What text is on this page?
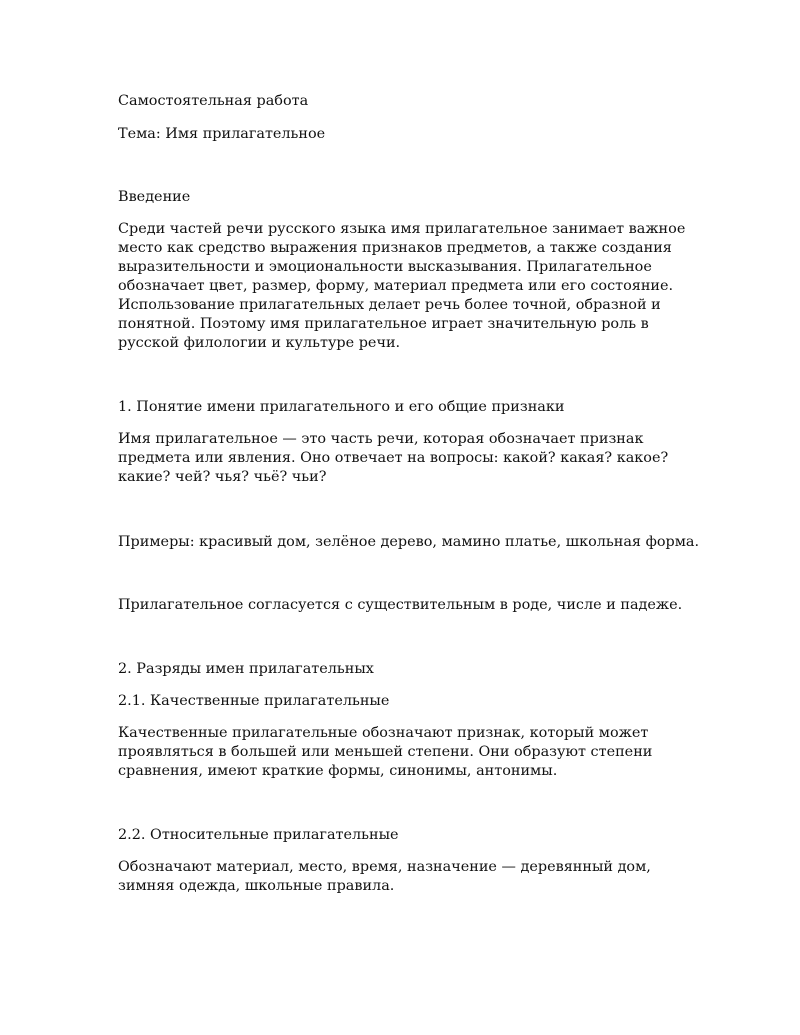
Самостоятельная работа

Тема: Имя прилагательное

Введение

Среди частей речи русского языка имя прилагательное занимает важное место как средство выражения признаков предметов, а также создания выразительности и эмоциональности высказывания. Прилагательное обозначает цвет, размер, форму, материал предмета или его состояние. Использование прилагательных делает речь более точной, образной и понятной. Поэтому имя прилагательное играет значительную роль в русской филологии и культуре речи.

1. Понятие имени прилагательного и его общие признаки

Имя прилагательное — это часть речи, которая обозначает признак предмета или явления. Оно отвечает на вопросы: какой? какая? какое? какие? чей? чья? чьё? чьи?

Примеры: красивый дом, зелёное дерево, мамино платье, школьная форма.

Прилагательное согласуется с существительным в роде, числе и падеже.

2. Разряды имен прилагательных

2.1. Качественные прилагательные

Качественные прилагательные обозначают признак, который может проявляться в большей или меньшей степени. Они образуют степени сравнения, имеют краткие формы, синонимы, антонимы.

2.2. Относительные прилагательные

Обозначают материал, место, время, назначение — деревянный дом, зимняя одежда, школьные правила.
